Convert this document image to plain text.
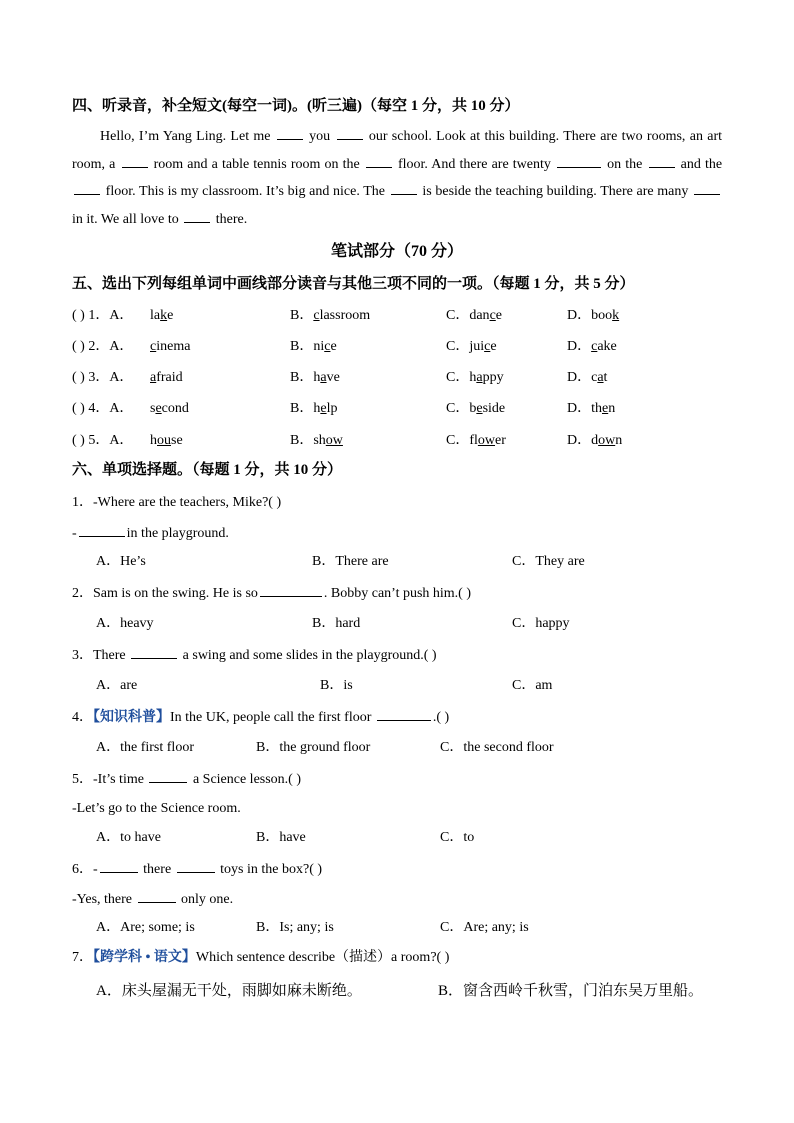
四、听录音，补全短文(每空一词)。(听三遍)（每空 1 分，共 10 分）
Hello, I’m Yang Ling. Let me	you	our school. Look at this building. There are two rooms, an art room, a	room and a table tennis room on the	floor. And there are twenty	on the	and the  floor. This is my classroom. It’s big and nice. The	is beside the teaching building. There are many  in it. We all love to	there.
笔试部分（70 分）
五、选出下列每组单词中画线部分读音与其他三项不同的一项。（每题 1 分，共 5 分）
( ) 1．A． lake	B．classroom	C．dance	D．book
( ) 2．A． cinema	B．nice	C．juice	D．cake
( ) 3．A． afraid	B．have	C．happy	D．cat
( ) 4．A． second	B．help	C．beside	D．then
( ) 5．A． house	B．show	C．flower	D．down
六、单项选择题。（每题 1 分，共 10 分）
1．-Where are the teachers, Mike?( )
-	in the playground.
A．He’s	B．There are	C．They are
2．Sam is on the swing. He is so	. Bobby can’t push him.( )
A．heavy	B．hard	C．happy
3．There	a swing and some slides in the playground.( )
A．are	B．is	C．am
4．【知识科普】In the UK, people call the first floor	.( )
A．the first floor	B．the ground floor	C．the second floor
5．-It’s time	a Science lesson.( )
-Let’s go to the Science room.
A．to have	B．have	C．to
6．-	there	toys in the box?( )
-Yes, there	only one.
A．Are; some; is	B．Is; any; is	C．Are; any; is
7．【跨学科 • 语文】Which sentence describe（描述）a room?( )
A．床头屋漏无干处，雨脚如麻未断绝。	B．窗含西岭千秋雪，门泊东吴万里船。
